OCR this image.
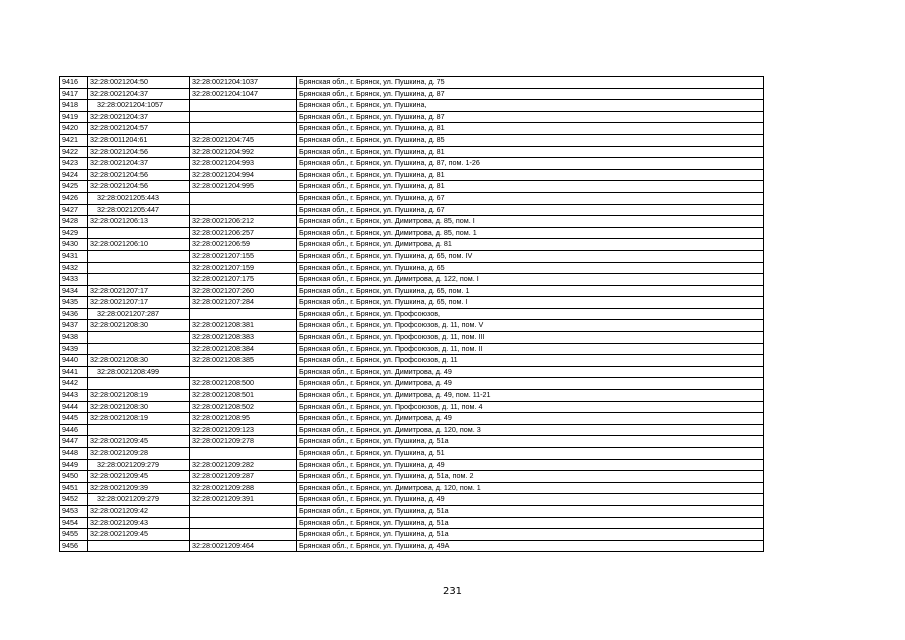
9416	32:28:0021204:50	32:28:0021204:1037	Брянская обл., г. Брянск, ул. Пушкина, д. 75
9417	32:28:0021204:37	32:28:0021204:1047	Брянская обл., г. Брянск, ул. Пушкина, д. 87
9418	32:28:0021204:1057		Брянская обл., г. Брянск, ул. Пушкина,
9419	32:28:0021204:37		Брянская обл., г. Брянск, ул. Пушкина, д. 87
9420	32:28:0021204:57		Брянская обл., г. Брянск, ул. Пушкина, д. 81
9421	32:28:0011204:61	32:28:0021204:745	Брянская обл., г. Брянск, ул. Пушкина, д. 85
9422	32:28:0021204:56	32:28:0021204:992	Брянская обл., г. Брянск, ул. Пушкина, д. 81
9423	32:28:0021204:37	32:28:0021204:993	Брянская обл., г. Брянск, ул. Пушкина, д. 87, пом. 1-26
9424	32:28:0021204:56	32:28:0021204:994	Брянская обл., г. Брянск, ул. Пушкина, д. 81
9425	32:28:0021204:56	32:28:0021204:995	Брянская обл., г. Брянск, ул. Пушкина, д. 81
9426	32:28:0021205:443		Брянская обл., г. Брянск, ул. Пушкина, д. 67
9427	32:28:0021205:447		Брянская обл., г. Брянск, ул. Пушкина, д. 67
9428	32:28:0021206:13	32:28:0021206:212	Брянская обл., г. Брянск, ул. Димитрова, д. 85, пом. I
9429		32:28:0021206:257	Брянская обл., г. Брянск, ул. Димитрова, д. 85, пом. 1
9430	32:28:0021206:10	32:28:0021206:59	Брянская обл., г. Брянск, ул. Димитрова, д. 81
9431		32:28:0021207:155	Брянская обл., г. Брянск, ул. Пушкина, д. 65, пом. IV
9432		32:28:0021207:159	Брянская обл., г. Брянск, ул. Пушкина, д. 65
9433		32:28:0021207:175	Брянская обл., г. Брянск, ул. Димитрова, д. 122, пом. I
9434	32:28:0021207:17	32:28:0021207:260	Брянская обл., г. Брянск, ул. Пушкина, д. 65, пом. 1
9435	32:28:0021207:17	32:28:0021207:284	Брянская обл., г. Брянск, ул. Пушкина, д. 65, пом. I
9436	32:28:0021207:287		Брянская обл., г. Брянск, ул. Профсоюзов,
9437	32:28:0021208:30	32:28:0021208:381	Брянская обл., г. Брянск, ул. Профсоюзов, д. 11, пом. V
9438		32:28:0021208:383	Брянская обл., г. Брянск, ул. Профсоюзов, д. 11, пом. III
9439		32:28:0021208:384	Брянская обл., г. Брянск, ул. Профсоюзов, д. 11, пом. II
9440	32:28:0021208:30	32:28:0021208:385	Брянская обл., г. Брянск, ул. Профсоюзов, д. 11
9441	32:28:0021208:499		Брянская обл., г. Брянск, ул. Димитрова, д. 49
9442		32:28:0021208:500	Брянская обл., г. Брянск, ул. Димитрова, д. 49
9443	32:28:0021208:19	32:28:0021208:501	Брянская обл., г. Брянск, ул. Димитрова, д. 49, пом. 11-21
9444	32:28:0021208:30	32:28:0021208:502	Брянская обл., г. Брянск, ул. Профсоюзов, д. 11, пом. 4
9445	32:28:0021208:19	32:28:0021208:95	Брянская обл., г. Брянск, ул. Димитрова, д. 49
9446		32:28:0021209:123	Брянская обл., г. Брянск, ул. Димитрова, д. 120, пом. 3
9447	32:28:0021209:45	32:28:0021209:278	Брянская обл., г. Брянск, ул. Пушкина, д. 51а
9448	32:28:0021209:28		Брянская обл., г. Брянск, ул. Пушкина, д. 51
9449	32:28:0021209:279	32:28:0021209:282	Брянская обл., г. Брянск, ул. Пушкина, д. 49
9450	32:28:0021209:45	32:28:0021209:287	Брянская обл., г. Брянск, ул. Пушкина, д. 51а, пом. 2
9451	32:28:0021209:39	32:28:0021209:288	Брянская обл., г. Брянск, ул. Димитрова, д. 120, пом. 1
9452	32:28:0021209:279	32:28:0021209:391	Брянская обл., г. Брянск, ул. Пушкина, д. 49
9453	32:28:0021209:42		Брянская обл., г. Брянск, ул. Пушкина, д. 51а
9454	32:28:0021209:43		Брянская обл., г. Брянск, ул. Пушкина, д. 51а
9455	32:28:0021209:45		Брянская обл., г. Брянск, ул. Пушкина, д. 51а
9456		32:28:0021209:464	Брянская обл., г. Брянск, ул. Пушкина, д. 49А
231
